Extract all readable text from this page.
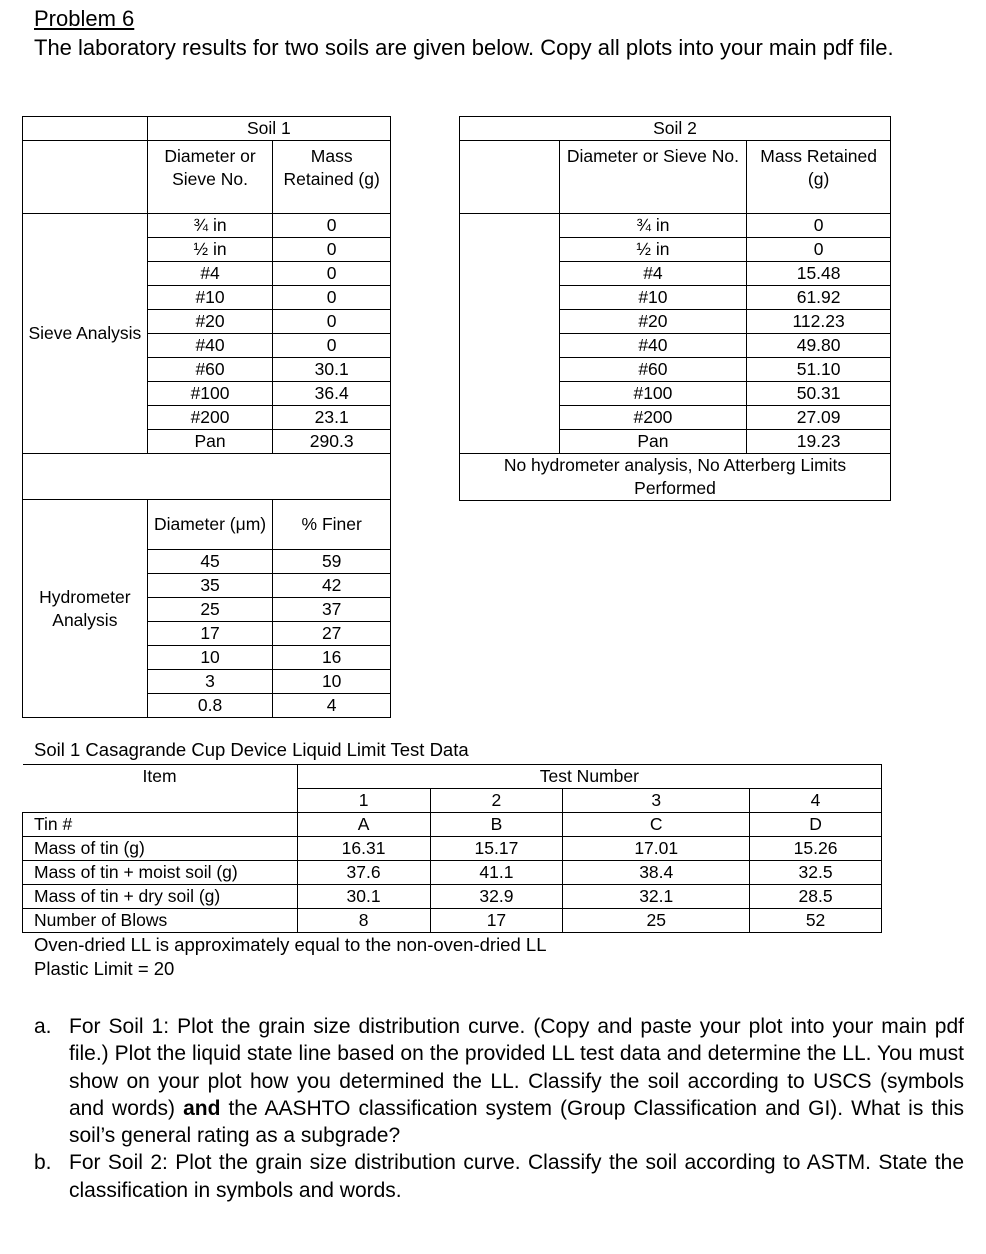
Problem 6
The laboratory results for two soils are given below. Copy all plots into your main pdf file.
	Soil 1	
	Diameter or Sieve No.	Mass Retained (g)
Sieve Analysis	¾ in	0
	½ in	0
	#4	0
	#10	0
	#20	0
	#40	0
	#60	30.1
	#100	36.4
	#200	23.1
	Pan	290.3

Hydrometer Analysis	Diameter (μm)	% Finer
	45	59
	35	42
	25	37
	17	27
	10	16
	3	10
	0.8	4
Soil 2		
	Diameter or Sieve No.	Mass Retained (g)
	¾ in	0
	½ in	0
	#4	15.48
	#10	61.92
	#20	112.23
	#40	49.80
	#60	51.10
	#100	50.31
	#200	27.09
	Pan	19.23
No hydrometer analysis, No Atterberg Limits Performed		
Soil 1 Casagrande Cup Device Liquid Limit Test Data
Item	Test Number			
	1	2	3	4
Tin #	A	B	C	D
Mass of tin (g)	16.31	15.17	17.01	15.26
Mass of tin + moist soil (g)	37.6	41.1	38.4	32.5
Mass of tin + dry soil (g)	30.1	32.9	32.1	28.5
Number of Blows	8	17	25	52
Oven-dried LL is approximately equal to the non-oven-dried LL
Plastic Limit = 20
a. For Soil 1: Plot the grain size distribution curve. (Copy and paste your plot into your main pdf file.) Plot the liquid state line based on the provided LL test data and determine the LL. You must show on your plot how you determined the LL. Classify the soil according to USCS (symbols and words) and the AASHTO classification system (Group Classification and GI). What is this soil’s general rating as a subgrade?
b. For Soil 2: Plot the grain size distribution curve. Classify the soil according to ASTM. State the classification in symbols and words.
